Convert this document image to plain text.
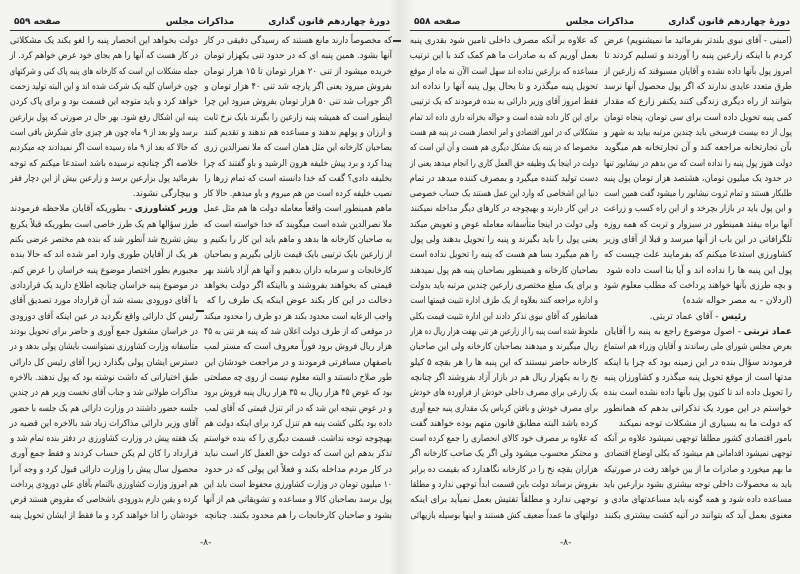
دورهٔ چهاردهم قانون گذاری
مذاکرات مجلس
صفحه ۵۵۸
(امینی - آقای نبوی بلندتر بفرمائید ما نمیشنویم) عرض
کردم با اینکه زارعین پنبه را آوردند و تسلیم کردند تا
امروز پول بآنها داده نشده و آقایان مسبوقند که زارعین از
طرق متعدد عایدی ندارند که اگر پول محصول آنها نرسد
بتوانند از راه دیگری زندگی کنند یکنفر زارع که مقدار
کمی پنبه تحویل داده است برای سی تومان، پنجاه تومان
پول از ده بیست فرسخی باید چندین مرتبه بیاید به شهر و
بآن تجارتخانه مراجعه کند و آن تجارتخانه هم میگوید
دولت هنوز پول پنبه را نداده است که من بدهم در نیشابور تنها
در حدود یک میلیون تومان، هشتصد هزار تومان پول پنبه
طلبکار هستند و تمام ثروت نیشابور را میشود گفت همین است
و این پول باید در بازار بچرخد و از این راه کسب و زراعت
آنها براه بیفتد همینطور در سبزوار و تربت که همه روزه
تلگرافاتی در این باب از آنها میرسد و قبلا از آقای وزیر
کشاورزی استدعا میکنم که بفرمایند علت چیست که
پول این پنبه ها را نداده اند و آیا بنا است داده شود
و بچه طرزی بآنها خواهند پرداخت که مطلب معلوم شود
(اردلان - به مصر حواله شده)
رئیس - آقای عماد تربتی.
عماد تربتی - اصول موضوع راجع به پنبه را آقایان
بعرض مجلس شورای ملی رساندند و آقایان وزراء هم استماع
فرمودند سؤال بنده در این زمینه بود که چرا با اینکه
مدتها است از موقع تحویل پنبه میگذرد و کشاورزان پنبه
را تحویل داده اند تا کنون پول بآنها داده نشده است بنده
خواستم در این مورد یک تذکراتی بدهم که همانطور
که دولت ما به بسیاری از مشکلات توجه نمیکند
بامور اقتصادی کشور مطلقا توجهی نمیشود علاوه بر آنکه
توجهی نمیشود اقداماتی هم میشود که بکلی اوضاع اقتصادی
ما بهم میخورد و صادرات ما از بین خواهد رفت در صورتیکه
باید به محصولات داخلی توجه بیشتری بشود بزارعین باید
مساعده داده شود و همه گونه باید مساعدتهای مادی و
معنوی بعمل آید که بتوانند در آتیه کشت بیشتری بکنند
که علاوه بر آنکه مصرف داخلی تامین شود بقدری پنبه
بعمل آوریم که به صادرات ما هم کمک کند با این ترتیب
مساعده که بزارعین نداده اند سهل است الآن نه ماه از موقع
تحویل پنبه میگذرد و تا بحال پول پنبه آنها را نداده اند
فقط امروز آقای وزیر دارائی به بنده فرمودند که یک ترتیبی
برای این کار داده شده است و حواله بخزانه داری داده اند تمام
مشکلاتی که در امور اقتصادی و امر انحصار هست در پنبه هم هست
مخصوصا که در پنبه یک مشکل دیگری هم هست و آن این است که
دولت در اینجا یک وظیفه حق العمل کاری را انجام میدهد یعنی از
دست تولید کننده میگیرد و بمصرف کننده میدهد در تمام
دنیا این اشخاصی که وارد این عمل هستند یک حساب خصوصی
در این کار دارند و بهیچوجه در کارهای دیگر مداخله نمیکنند
ولی دولت در اینجا متأسفانه معامله عوض و تعویض میکند
یعنی پول را باید بگیرند و پنبه را تحویل بدهند ولی پول
را هم میگیرد بسا هم هست که پنبه را تحویل نداده است
بصاحبان کارخانه و همینطور بصاحبان پنبه هم پول نمیدهند
و برای یک مبلغ مختصری زارعین چندین مرتبه باید بدولت
و اداره مراجعه کنند بعلاوه از یک طرف اداره تثبیت قیمتها است
همانطور که آقای نبوی تذکر دادند این اداره تثبیت قیمت بکلی
ملحوظ شده است پنبه را از زارعین هر تنی بهفت هزار ریال ده هزار
ریال میگیرند و میدهند بصاحبان کارخانه ولی این صاحبان
کارخانه حاضر نیستند که این پنبه ها را هر بقچه ۵ کیلو
نخ را به یکهزار ریال هم در بازار آزاد بفروشند اگر چنانچه
یک زارعی برای مصرف داخلی خودش از فراورده های خودش
برای مصرف خودش و بافتن کرباس یک مقداری پنبه جمع آوری
کرده باشد البته مطابق قانون متهم بوده خواهند گفت
که علاوه بر مصرف خود کالای انحصاری را جمع کرده است
و محتکر محسوب میشود ولی اگر یک صاحب کارخانه اگر
هزاران بقچه نخ را در کارخانه نگاهدارد که بقیمت ده برابر
بفروش برساند دولت باین قسمت ابداً توجهی ندارد و مطلقا
توجهی ندارد و مطلقاً تفتیش بعمل نمیآید برای اینکه
دولتهای ما عمداً ضعیف کش هستند و اینها بوسیله بازیهائی
-۸-
دورهٔ چهاردهم قانون گذاری
مذاکرات مجلس
صفحه ۵۵۹
که مخصوصاً دارند مانع هستند که رسیدگی دقیقی در کار
آنها بشود. همین پنبه ای که در حدود تنی یکهزار تومان
خریده میشود از تنی ۲۰ هزار تومان تا ۱۵ هزار تومان
بفروش میرود یعنی اگر پارچه شد تنی ۴۰ هزار تومان و
اگر جوراب شد تنی ۵۰ هزار تومان بفروش میرود این چرا
اینطور است که همیشه پنبه زارعین را بگیرند بایک نرخ ثابت
و ارزان و پولهم ندهند و مساعده هم ندهند و تقدیم کنند
بصاحبان کارخانه این مثل همان است که ملا نصرالدین زری
پیدا کرد و برد پیش خلیفه هرون الرشید و باو گفتند که چرا
بخلیفه دادی؟ گفت که خدا دانسته است که تمام زرها را
نصیب خلیفه کرده است من هم میروم و باو میدهم. حالا کار
ماهم همینطور است واقعاً معامله دولت ها هم مثل عمل
ملا نصرالدین شده است میگویند که خدا خواسته است که
به صاحبان کارخانه ها بدهد و ماهم باید این کار را بکنیم و
از زارعین بایک ترتیبی بایک قیمت نازلی بگیریم و بصاحبان
کارخانجات و سرمایه داران بدهیم و آنها هم آزاد باشند بهر
قیمتی که بخواهند بفروشند و بااینکه اگر دولت بخواهد
دخالت در این کار بکند عوض اینکه یک طرف را که
واجب الرعایه است محدود بکند هر دو طرف را محدود میکند
در موقعی که از طرف دولت اعلان شد که پنبه هر تنی به ۴۵
هزار ریال فروش برود فوراً معروف است که مستر لمب
باصفهان مسافرتی فرمودند و در مراجعت خودشان این
طور صلاح دانستند و البته معلوم نیست از روی چه مصلحتی
بود که عوض ۴۵ هزار ریال به ۳۵ هزار ریال پنبه فروش برود
و در عوض نتیجه این شد که در اثر تنزل قیمتی که آقای لمب
داده بود بکلی کشت پنبه هم تنزل کرد برای اینکه دولت هم
بهیچوجه توجه نداشت. قسمت دیگری را که بنده خواستم
تذکر بدهم این است که دولت حق العمل کار است نباید
در کار مردم مداخله بکند و فعلاً این پولی که در حدود
۱۰ میلیون تومان در وزارت کشاورزی محفوظ است باید این
پول برسد بصاحبان کالا و مساعده و تشویقاتی هم از آنها
بشود و صاحبان کارخانجات را هم محدود بکنند. چنانچه
دولت بخواهد این انحصار پنبه را لغو بکند یک مشکلاتی
در کار هست که آنها را هم بجای خود عرض خواهم کرد. از
جمله مشکلات این است که کارخانه های پنبه پاک کنی و شرکتهای
چون خراسان کلیه یک شرکت شده اند و این البته تولید زحمت
خواهد کرد و باید متوجه این قسمت بود و برای پاک کردن
پنبه این اشکال رفع شود. بهر حال در صورتی که پول بزارعین
برسد ولو بعد از ۹ ماه چون هر چیزی جای شکرش باقی است
که حالا که بعد از ۹ ماه رسیده است اگر نمیدادند چه میکردیم
خلاصه اگر چنانچه نرسیده باشد استدعا میکنم که توجه
بفرمائید پول بزارعین برسد و زارعین بیش از این دچار فقر
و بیچارگی نشوند.
وزیر کشاورزی - بطوریکه آقایان ملاحظه فرمودند
طرز سؤالها هم یک طرز خاصی است بطوریکه قبلاً یکربع
بیش تشریح شد آنطور شد که بنده هم مختصر عرضی بکنم
هر یک از آقایان طوری وارد امر شده اند که حالا بنده
مجبورم بطور اختصار موضوع پنبه خراسان را عرض کنم.
در موضوع پنبه خراسان چنانچه اطلاع دارید یک قراردادی
با آقای دورودی بسته شد آن قرارداد مورد تصدیق آقای
رئیس کل دارائی واقع نگردید در عین اینکه آقای دورودی
در خراسان مشغول جمع آوری و حاضر برای تحویل بودند
متأسفانه وزارت کشاورزی نمیتوانست بایشان پولی بدهد و در
دسترس ایشان پولی بگذارد زیرا آقای رئیس کل دارائی
طبق اختیاراتی که داشت نوشته بود که پول ندهند. بالاخره
مذاکرات طولانی شد و جناب آقای نخست وزیر هم در چندین
جلسه حضور داشتند در وزارت دارائی هم یک جلسه با حضور
آقای وزیر دارائی مذاکرات زیاد شد بالاخره این قضیه در
یک هفته پیش در وزارت کشاورزی در دفتر بنده تمام شد و
قرارداد را کان لم یکن حساب کردند و فقط جمع آوری
محصول سال پیش را وزارت دارائی قبول کرد و وجه آنرا
هم امروز وزارت کشاورزی بالتمام بآقای علی دورودی پرداخت
کرده و یقین دارم بدورودی باشخاصی که مقروض هستند قرض
خودشان را ادا خواهند کرد و ما فقط از ایشان تحویل پنبه
-۸-
